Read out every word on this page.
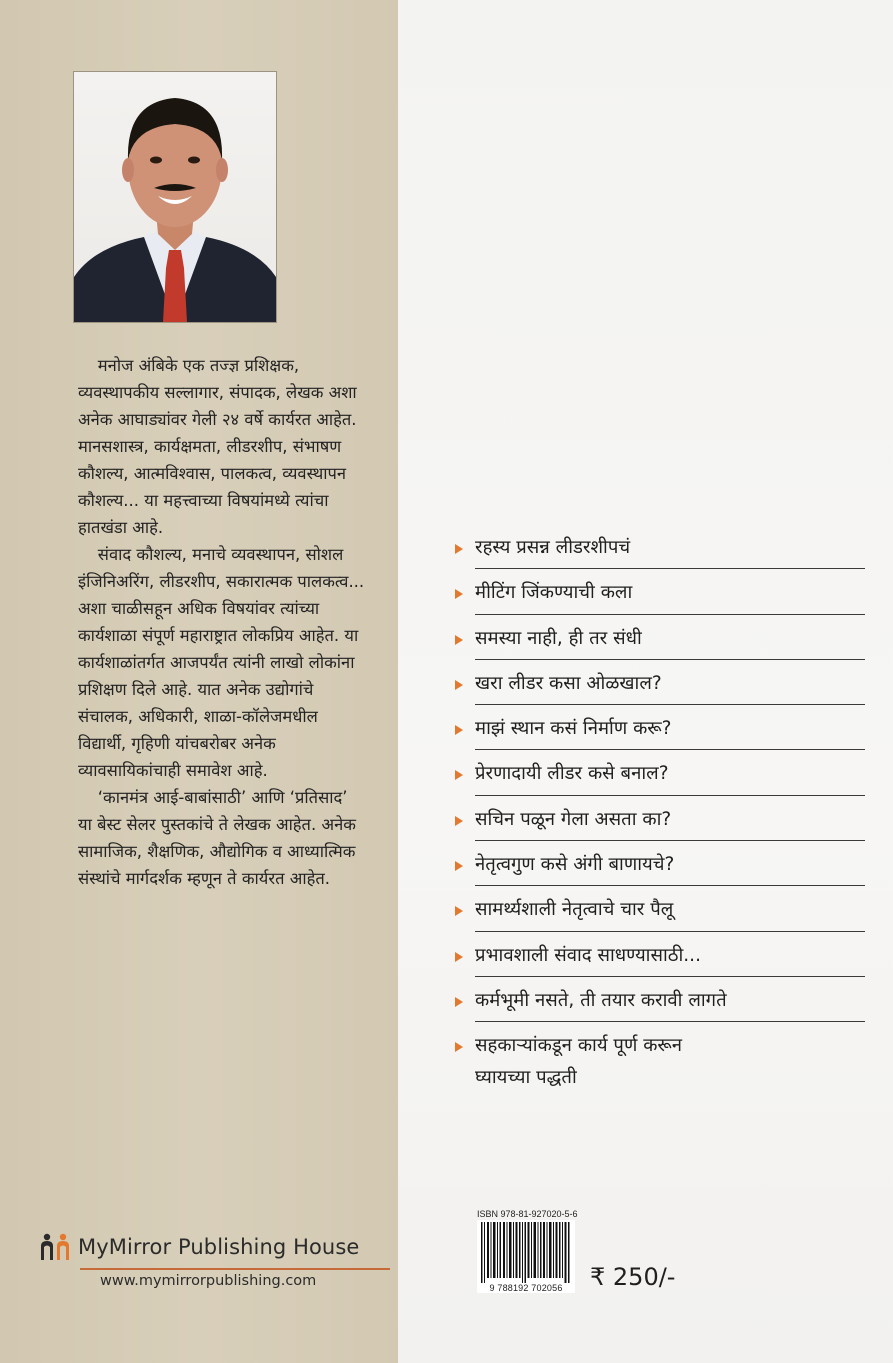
मनोज अंबिके एक तज्ज्ञ प्रशिक्षक, व्यवस्थापकीय सल्लागार, संपादक, लेखक अशा अनेक आघाड्यांवर गेली २४ वर्षे कार्यरत आहेत. मानसशास्त्र, कार्यक्षमता, लीडरशीप, संभाषण कौशल्य, आत्मविश्वास, पालकत्व, व्यवस्थापन कौशल्य... या महत्त्वाच्या विषयांमध्ये त्यांचा हातखंडा आहे.

संवाद कौशल्य, मनाचे व्यवस्थापन, सोशल इंजिनिअरिंग, लीडरशीप, सकारात्मक पालकत्व... अशा चाळीसहून अधिक विषयांवर त्यांच्या कार्यशाळा संपूर्ण महाराष्ट्रात लोकप्रिय आहेत. या कार्यशाळांतर्गत आजपर्यंत त्यांनी लाखो लोकांना प्रशिक्षण दिले आहे. यात अनेक उद्योगांचे संचालक, अधिकारी, शाळा-कॉलेजमधील विद्यार्थी, गृहिणी यांचबरोबर अनेक व्यावसायिकांचाही समावेश आहे.

‘कानमंत्र आई-बाबांसाठी’ आणि ‘प्रतिसाद’ या बेस्ट सेलर पुस्तकांचे ते लेखक आहेत. अनेक सामाजिक, शैक्षणिक, औद्योगिक व आध्यात्मिक संस्थांचे मार्गदर्शक म्हणून ते कार्यरत आहेत.

MyMirror Publishing House
www.mymirrorpublishing.com
रहस्य प्रसन्न लीडरशीपचं
मीटिंग जिंकण्याची कला
समस्या नाही, ही तर संधी
खरा लीडर कसा ओळखाल?
माझं स्थान कसं निर्माण करू?
प्रेरणादायी लीडर कसे बनाल?
सचिन पळून गेला असता का?
नेतृत्वगुण कसे अंगी बाणायचे?
सामर्थ्यशाली नेतृत्वाचे चार पैलू
प्रभावशाली संवाद साधण्यासाठी...
कर्मभूमी नसते, ती तयार करावी लागते
सहकाऱ्यांकडून कार्य पूर्ण करून
घ्यायच्या पद्धती
ISBN 978-81-927020-5-6
9 788192 702056	₹ 250/-
